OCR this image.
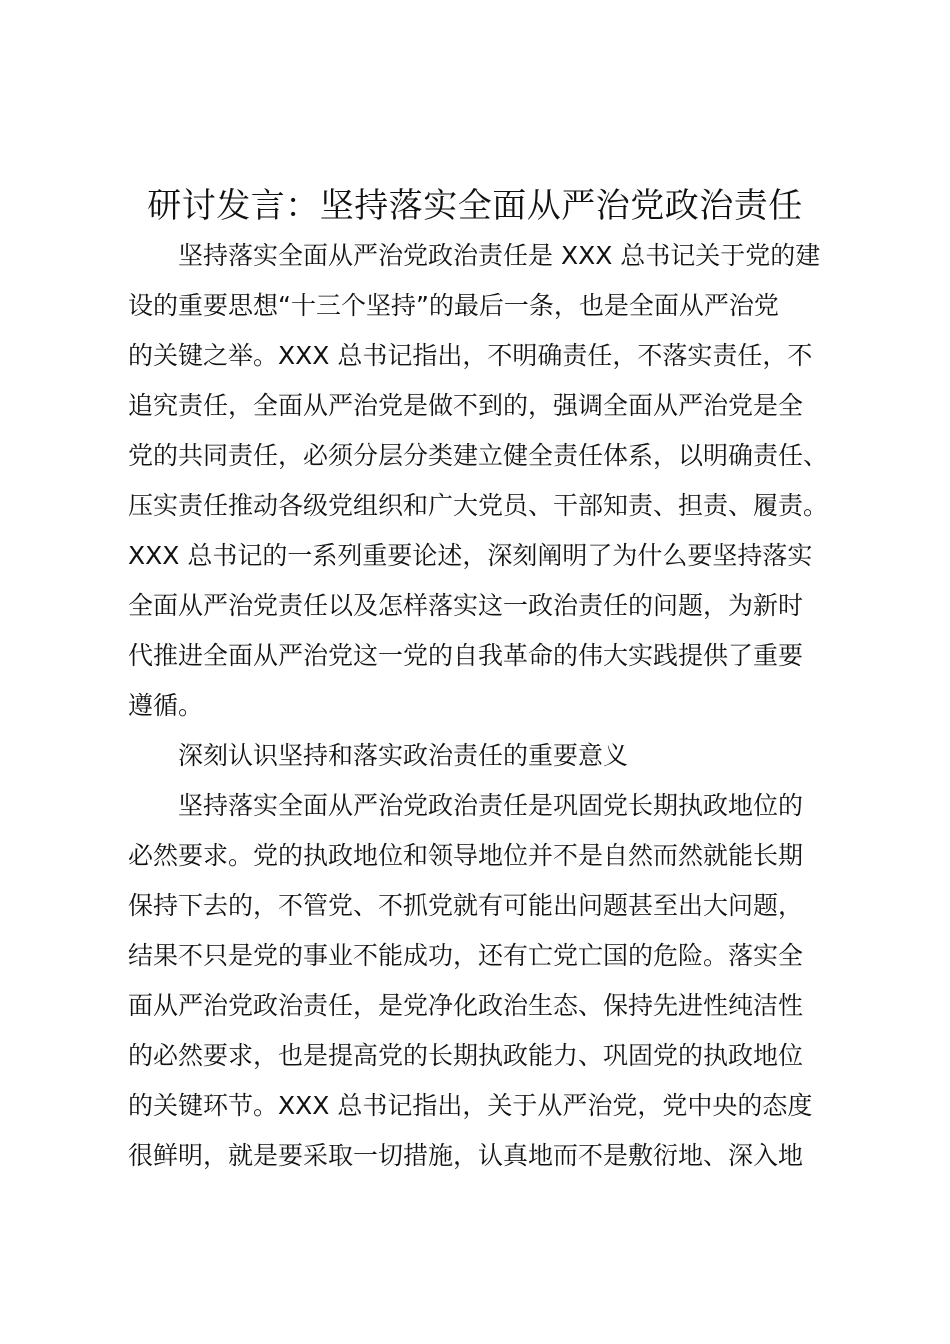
研讨发言：坚持落实全面从严治党政治责任

坚持落实全面从严治党政治责任是 XXX 总书记关于党的建

设的重要思想“十三个坚持”的最后一条，也是全面从严治党

的关键之举。XXX 总书记指出，不明确责任，不落实责任，不

追究责任，全面从严治党是做不到的，强调全面从严治党是全

党的共同责任，必须分层分类建立健全责任体系，以明确责任、

压实责任推动各级党组织和广大党员、干部知责、担责、履责。

XXX 总书记的一系列重要论述，深刻阐明了为什么要坚持落实

全面从严治党责任以及怎样落实这一政治责任的问题，为新时

代推进全面从严治党这一党的自我革命的伟大实践提供了重要

遵循。

深刻认识坚持和落实政治责任的重要意义

坚持落实全面从严治党政治责任是巩固党长期执政地位的

必然要求。党的执政地位和领导地位并不是自然而然就能长期

保持下去的，不管党、不抓党就有可能出问题甚至出大问题，

结果不只是党的事业不能成功，还有亡党亡国的危险。落实全

面从严治党政治责任，是党净化政治生态、保持先进性纯洁性

的必然要求，也是提高党的长期执政能力、巩固党的执政地位

的关键环节。XXX 总书记指出，关于从严治党，党中央的态度

很鲜明，就是要采取一切措施，认真地而不是敷衍地、深入地
